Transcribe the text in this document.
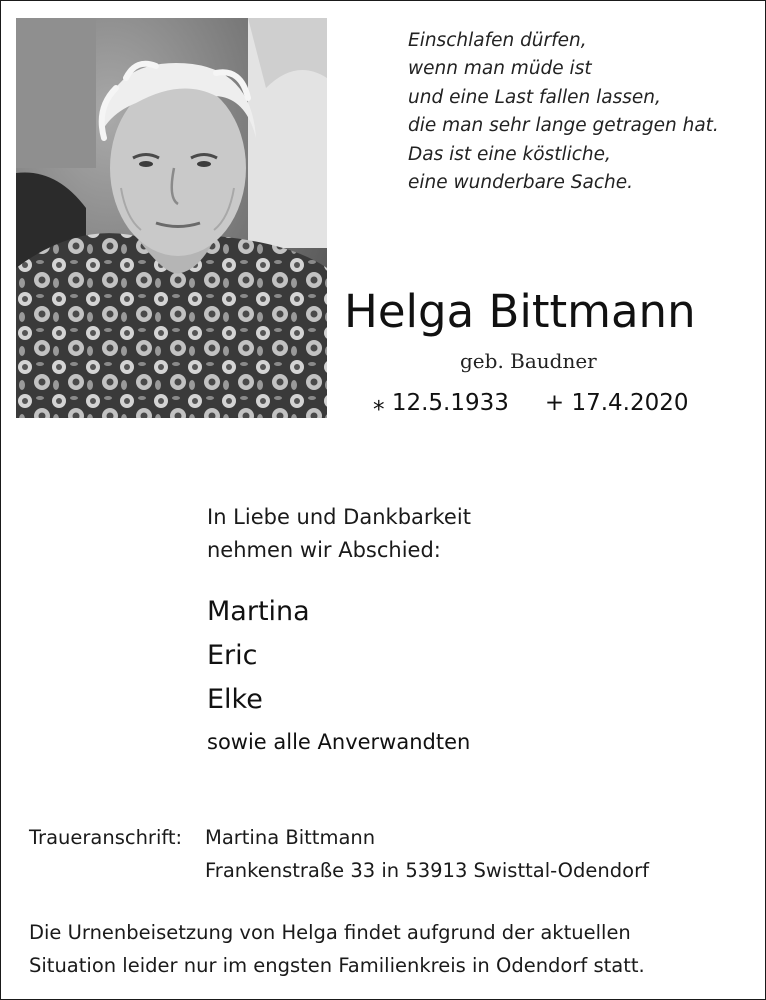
Einschlafen dürfen,
wenn man müde ist
und eine Last fallen lassen,
die man sehr lange getragen hat.
Das ist eine köstliche,
eine wunderbare Sache.
Helga Bittmann
geb. Baudner
⁎ 12.5.1933 + 17.4.2020
In Liebe und Dankbarkeit
nehmen wir Abschied:
Martina
Eric
Elke
sowie alle Anverwandten
Traueranschrift: Martina Bittmann
Frankenstraße 33 in 53913 Swisttal-Odendorf
Die Urnenbeisetzung von Helga findet aufgrund der aktuellen
Situation leider nur im engsten Familienkreis in Odendorf statt.
